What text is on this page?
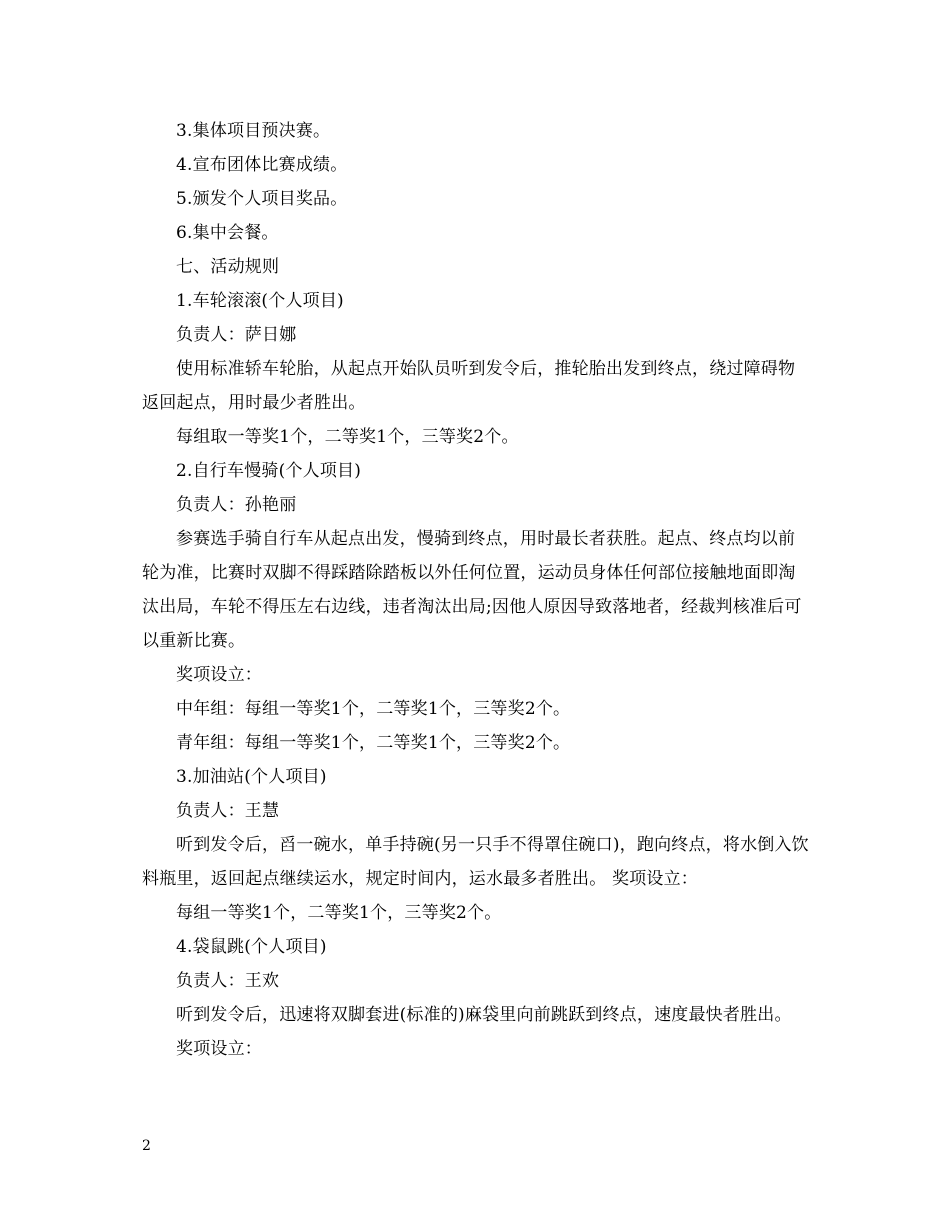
3.集体项目预决赛。

4.宣布团体比赛成绩。

5.颁发个人项目奖品。

6.集中会餐。

七、活动规则

1.车轮滚滚(个人项目)

负责人：萨日娜

使用标准轿车轮胎，从起点开始队员听到发令后，推轮胎出发到终点，绕过障碍物返回起点，用时最少者胜出。

每组取一等奖1个，二等奖1个，三等奖2个。

2.自行车慢骑(个人项目)

负责人：孙艳丽

参赛选手骑自行车从起点出发，慢骑到终点，用时最长者获胜。起点、终点均以前轮为准，比赛时双脚不得踩踏除踏板以外任何位置，运动员身体任何部位接触地面即淘汰出局，车轮不得压左右边线，违者淘汰出局;因他人原因导致落地者，经裁判核准后可以重新比赛。

奖项设立：

中年组：每组一等奖1个，二等奖1个，三等奖2个。

青年组：每组一等奖1个，二等奖1个，三等奖2个。

3.加油站(个人项目)

负责人：王慧

听到发令后，舀一碗水，单手持碗(另一只手不得罩住碗口)，跑向终点，将水倒入饮料瓶里，返回起点继续运水，规定时间内，运水最多者胜出。 奖项设立：

每组一等奖1个，二等奖1个，三等奖2个。

4.袋鼠跳(个人项目)

负责人：王欢

听到发令后，迅速将双脚套进(标准的)麻袋里向前跳跃到终点，速度最快者胜出。

奖项设立：

2
